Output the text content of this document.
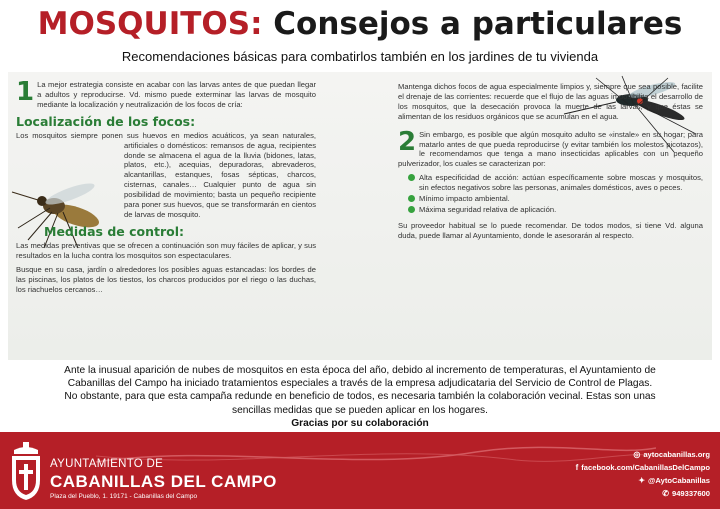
MOSQUITOS: Consejos a particulares
Recomendaciones básicas para combatirlos también en los jardines de tu vivienda
1 La mejor estrategia consiste en acabar con las larvas antes de que puedan llegar a adultos y reproducirse. Vd. mismo puede exterminar las larvas de mosquito mediante la localización y neutralización de los focos de cría:

Localización de los focos:

Los mosquitos siempre ponen sus huevos en medios acuáticos, ya sean naturales, artificiales o domésticos: remansos de agua, recipientes donde se almacena el agua de la lluvia (bidones, latas, platos, etc.), acequias, depuradoras, abrevaderos, alcantarillas, estanques, fosas sépticas, charcos, cisternas, canales… Cualquier punto de agua sin posibilidad de movimiento; basta un pequeño recipiente para poner sus huevos, que se transformarán en cientos de larvas de mosquito.

Medidas de control:

Las medidas preventivas que se ofrecen a continuación son muy fáciles de aplicar, y sus resultados en la lucha contra los mosquitos son espectaculares.

Busque en su casa, jardín o alrededores los posibles aguas estancadas: los bordes de las piscinas, los platos de los tiestos, los charcos producidos por el riego o las duchas, los riachuelos cercanos…

Mantenga dichos focos de agua especialmente limpios y, siempre que sea posible, facilite el drenaje de las corrientes: recuerde que el flujo de las aguas imposibilita el desarrollo de los mosquitos, que la desecación provoca la muerte de las larvas, y que éstas se alimentan de los residuos orgánicos que se acumulan en el agua.

2 Sin embargo, es posible que algún mosquito adulto se «instale» en su hogar; para matarlo antes de que pueda reproducirse (y evitar también los molestos picotazos), le recomendamos que tenga a mano insecticidas aplicables con un pequeño pulverizador, los cuales se caracterizan por:

Alta especificidad de acción: actúan específicamente sobre moscas y mosquitos, sin efectos negativos sobre las personas, animales domésticos, aves o peces.
Mínimo impacto ambiental.
Máxima seguridad relativa de aplicación.

Su proveedor habitual se lo puede recomendar. De todos modos, si tiene Vd. alguna duda, puede llamar al Ayuntamiento, donde le asesorarán al respecto.

Ante la inusual aparición de nubes de mosquitos en esta época del año, debido al incremento de temperaturas, el Ayuntamiento de Cabanillas del Campo ha iniciado tratamientos especiales a través de la empresa adjudicataria del Servicio de Control de Plagas.

No obstante, para que esta campaña redunde en beneficio de todos, es necesaria también la colaboración vecinal. Estas son unas sencillas medidas que se pueden aplicar en los hogares.

Gracias por su colaboración

AYUNTAMIENTO DE
CABANILLAS DEL CAMPO
Plaza del Pueblo, 1. 19171 - Cabanillas del Campo
◎ aytocabanillas.org
f facebook.com/CabanillasDelCampo
✦ @AytoCabanillas
✆ 949337600
